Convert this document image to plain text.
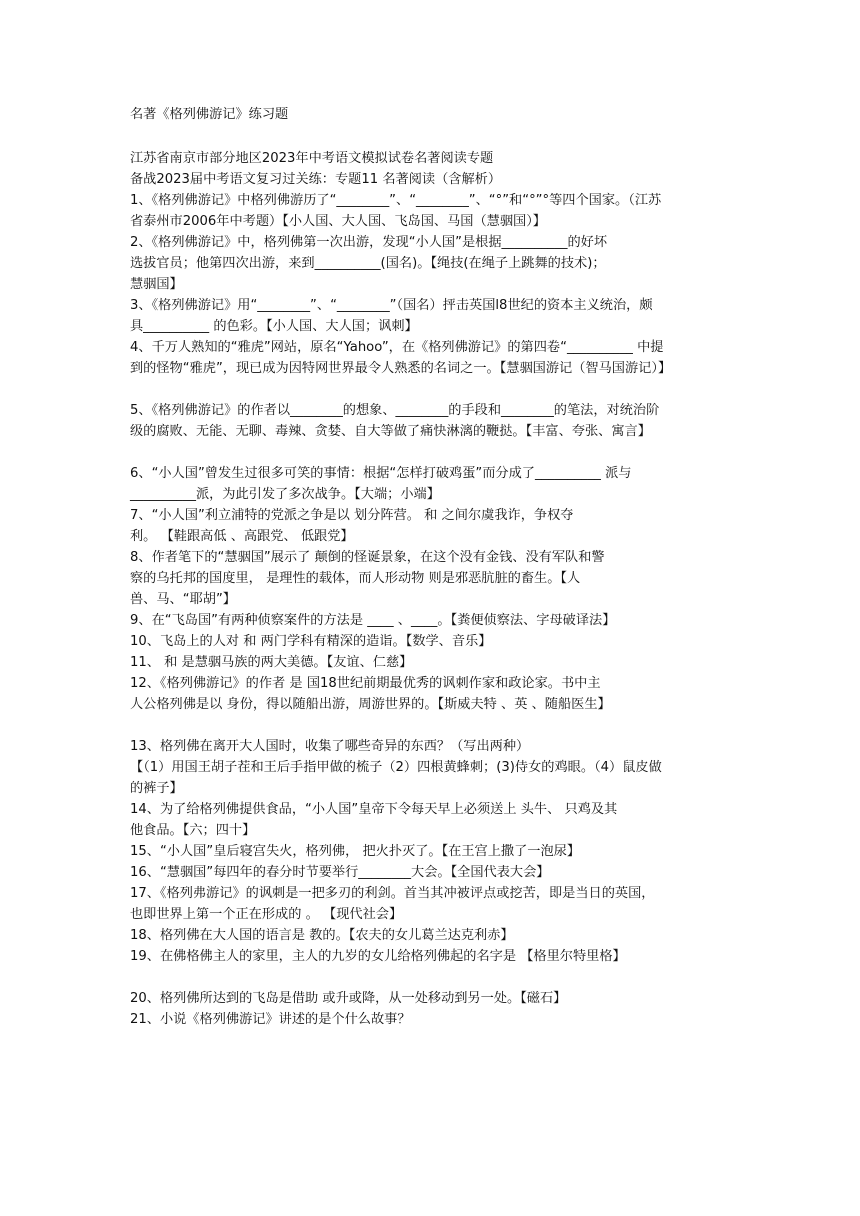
名著《格列佛游记》练习题
江苏省南京市部分地区2023年中考语文模拟试卷名著阅读专题
备战2023届中考语文复习过关练：专题11 名著阅读（含解析）
1、《格列佛游记》中格列佛游历了“________”、“________”、“°”和“°”°等四个国家。（江苏
省泰州市2006年中考题）【小人国、大人国、飞岛国、马国（慧骃国）】
2、《格列佛游记》中，格列佛第一次出游，发现“小人国”是根据__________的好坏
选拔官员；他第四次出游，来到__________(国名)。【绳技(在绳子上跳舞的技术)；
慧骃国】
3、《格列佛游记》用“________”、“________”（国名）抨击英国l8世纪的资本主义统治，颇
具__________ 的色彩。【小人国、大人国；讽刺】
4、千万人熟知的“雅虎”网站，原名“Yahoo”，在《格列佛游记》的第四卷“__________ 中提
到的怪物“雅虎”，现已成为因特网世界最令人熟悉的名词之一。【慧骃国游记（智马国游记）】
5、《格列佛游记》的作者以________的想象、________的手段和________的笔法，对统治阶
级的腐败、无能、无聊、毒辣、贪婪、自大等做了痛快淋漓的鞭挞。【丰富、夸张、寓言】
6、“小人国”曾发生过很多可笑的事情：根据“怎样打破鸡蛋”而分成了__________ 派与
__________派，为此引发了多次战争。【大端；小端】
7、“小人国”利立浦特的党派之争是以 划分阵营。 和 之间尔虞我诈，争权夺
利。 【鞋跟高低 、高跟党、 低跟党】
8、作者笔下的“慧骃国”展示了 颠倒的怪诞景象，在这个没有金钱、没有军队和警
察的乌托邦的国度里， 是理性的载体，而人形动物 则是邪恶肮脏的畜生。【人
兽、马、“耶胡”】
9、在“飞岛国”有两种侦察案件的方法是 ____ 、____。【粪便侦察法、字母破译法】
10、飞岛上的人对 和 两门学科有精深的造诣。【数学、音乐】
11、 和 是慧骃马族的两大美德。【友谊、仁慈】
12、《格列佛游记》的作者 是 国18世纪前期最优秀的讽刺作家和政论家。书中主
人公格列佛是以 身份，得以随船出游，周游世界的。【斯威夫特 、英 、随船医生】
13、格列佛在离开大人国时，收集了哪些奇异的东西？（写出两种）
【（1）用国王胡子茬和王后手指甲做的梳子（2）四根黄蜂刺；(3)侍女的鸡眼。（4）鼠皮做
的裤子】
14、为了给格列佛提供食品，“小人国”皇帝下令每天早上必须送上 头牛、 只鸡及其
他食品。【六；四十】
15、“小人国”皇后寝宫失火，格列佛， 把火扑灭了。【在王宫上撒了一泡尿】
16、“慧骃国”每四年的春分时节要举行________大会。【全国代表大会】
17、《格列弗游记》的讽刺是一把多刃的利剑。首当其冲被评点或挖苦，即是当日的英国，
也即世界上第一个正在形成的 。 【现代社会】
18、格列佛在大人国的语言是 教的。【农夫的女儿葛兰达克利赤】
19、在佛格佛主人的家里，主人的九岁的女儿给格列佛起的名字是 【格里尔特里格】
20、格列佛所达到的飞岛是借助 或升或降，从一处移动到另一处。【磁石】
21、小说《格列佛游记》讲述的是个什么故事？
